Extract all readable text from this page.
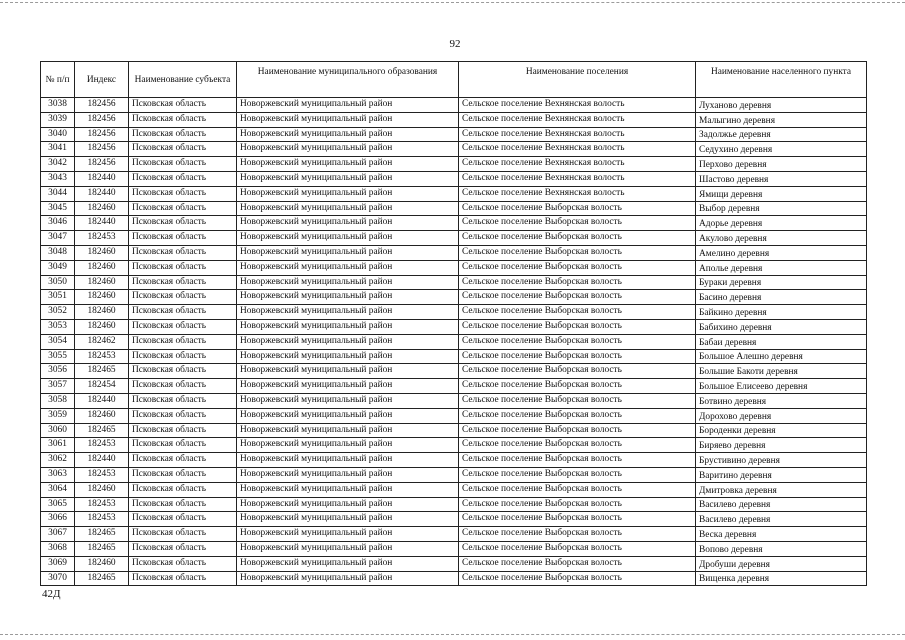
92
№ п/п	Индекс	Наименование субъекта	Наименование муниципального образования	Наименование поселения	Наименование населенного пункта
3038	182456	Псковская область	Новоржевский муниципальный район	Сельское поселение Вехнянская волость	Луханово деревня
3039	182456	Псковская область	Новоржевский муниципальный район	Сельское поселение Вехнянская волость	Малыгино деревня
3040	182456	Псковская область	Новоржевский муниципальный район	Сельское поселение Вехнянская волость	Задолжье деревня
3041	182456	Псковская область	Новоржевский муниципальный район	Сельское поселение Вехнянская волость	Седухино деревня
3042	182456	Псковская область	Новоржевский муниципальный район	Сельское поселение Вехнянская волость	Перхово деревня
3043	182440	Псковская область	Новоржевский муниципальный район	Сельское поселение Вехнянская волость	Шастово деревня
3044	182440	Псковская область	Новоржевский муниципальный район	Сельское поселение Вехнянская волость	Ямищи деревня
3045	182460	Псковская область	Новоржевский муниципальный район	Сельское поселение Выборская волость	Выбор деревня
3046	182440	Псковская область	Новоржевский муниципальный район	Сельское поселение Выборская волость	Адорье деревня
3047	182453	Псковская область	Новоржевский муниципальный район	Сельское поселение Выборская волость	Акулово деревня
3048	182460	Псковская область	Новоржевский муниципальный район	Сельское поселение Выборская волость	Амелино деревня
3049	182460	Псковская область	Новоржевский муниципальный район	Сельское поселение Выборская волость	Аполье деревня
3050	182460	Псковская область	Новоржевский муниципальный район	Сельское поселение Выборская волость	Бураки деревня
3051	182460	Псковская область	Новоржевский муниципальный район	Сельское поселение Выборская волость	Басино деревня
3052	182460	Псковская область	Новоржевский муниципальный район	Сельское поселение Выборская волость	Байкино деревня
3053	182460	Псковская область	Новоржевский муниципальный район	Сельское поселение Выборская волость	Бабихино деревня
3054	182462	Псковская область	Новоржевский муниципальный район	Сельское поселение Выборская волость	Бабаи деревня
3055	182453	Псковская область	Новоржевский муниципальный район	Сельское поселение Выборская волость	Большое Алешно деревня
3056	182465	Псковская область	Новоржевский муниципальный район	Сельское поселение Выборская волость	Большие Бакоти деревня
3057	182454	Псковская область	Новоржевский муниципальный район	Сельское поселение Выборская волость	Большое Елисеево деревня
3058	182440	Псковская область	Новоржевский муниципальный район	Сельское поселение Выборская волость	Ботвино деревня
3059	182460	Псковская область	Новоржевский муниципальный район	Сельское поселение Выборская волость	Дорохово деревня
3060	182465	Псковская область	Новоржевский муниципальный район	Сельское поселение Выборская волость	Бороденки деревня
3061	182453	Псковская область	Новоржевский муниципальный район	Сельское поселение Выборская волость	Биряево деревня
3062	182440	Псковская область	Новоржевский муниципальный район	Сельское поселение Выборская волость	Брустивино деревня
3063	182453	Псковская область	Новоржевский муниципальный район	Сельское поселение Выборская волость	Варитино деревня
3064	182460	Псковская область	Новоржевский муниципальный район	Сельское поселение Выборская волость	Дмитровка деревня
3065	182453	Псковская область	Новоржевский муниципальный район	Сельское поселение Выборская волость	Василево деревня
3066	182453	Псковская область	Новоржевский муниципальный район	Сельское поселение Выборская волость	Василево деревня
3067	182465	Псковская область	Новоржевский муниципальный район	Сельское поселение Выборская волость	Веска деревня
3068	182465	Псковская область	Новоржевский муниципальный район	Сельское поселение Выборская волость	Вопово деревня
3069	182460	Псковская область	Новоржевский муниципальный район	Сельское поселение Выборская волость	Дробуши деревня
3070	182465	Псковская область	Новоржевский муниципальный район	Сельское поселение Выборская волость	Вищенка деревня
42Д
